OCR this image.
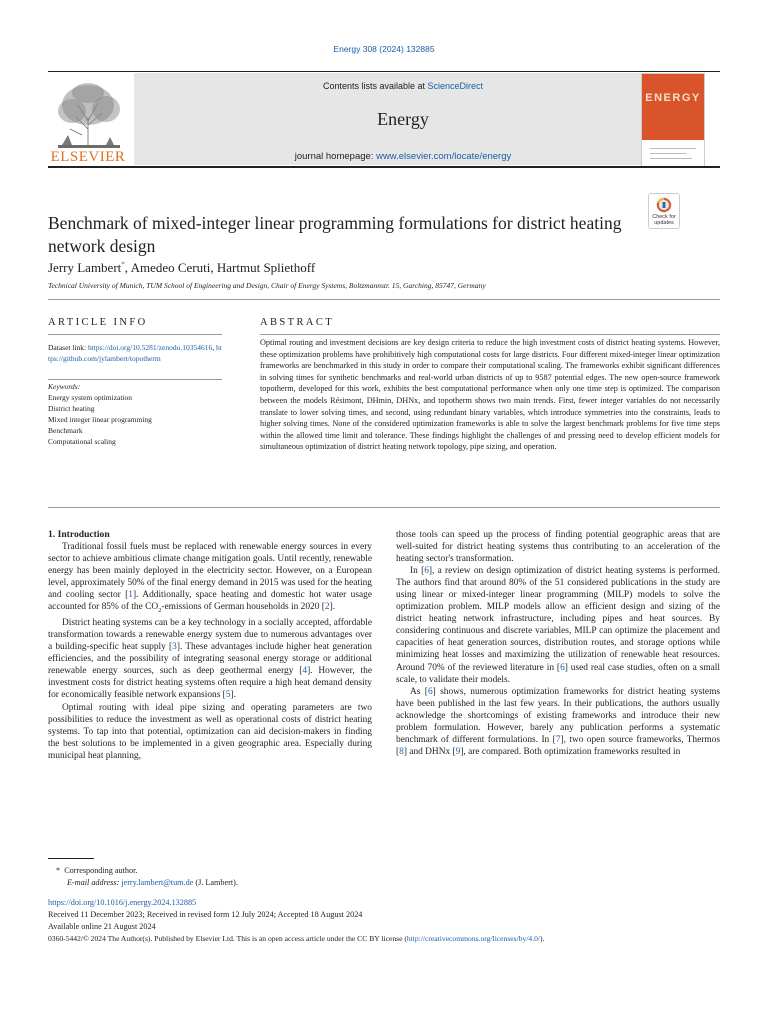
Energy 308 (2024) 132885
ELSEVIER
Contents lists available at ScienceDirect
Energy
journal homepage: www.elsevier.com/locate/energy
ENERGY
Benchmark of mixed-integer linear programming formulations for district heating network design
Check for updates
Jerry Lambert*, Amedeo Ceruti, Hartmut Spliethoff
Technical University of Munich, TUM School of Engineering and Design, Chair of Energy Systems, Boltzmannstr. 15, Garching, 85747, Germany
ARTICLE INFO	ABSTRACT
Dataset link: https://doi.org/10.5281/zenodo.10354616, https://github.com/jylambert/topotherm
Keywords:
Energy system optimization
District heating
Mixed integer linear programming
Benchmark
Computational scaling
Optimal routing and investment decisions are key design criteria to reduce the high investment costs of district heating systems. However, these optimization problems have prohibitively high computational costs for large districts. Four different mixed-integer linear optimization frameworks are benchmarked in this study in order to compare their computational scaling. The frameworks exhibit significant differences in solving times for synthetic benchmarks and real-world urban districts of up to 9587 potential edges. The new open-source framework topotherm, developed for this work, exhibits the best computational performance when only one time step is optimized. The comparison between the models Résimont, DHmin, DHNx, and topotherm shows two main trends. First, fewer integer variables do not necessarily translate to lower solving times, and second, using redundant binary variables, which introduce symmetries into the constraints, leads to higher solving times. None of the considered optimization frameworks is able to solve the largest benchmark problems for five time steps within the allowed time limit and tolerance. These findings highlight the challenges of and pressing need to develop efficient models for simultaneous optimization of district heating network topology, pipe sizing, and operation.

1. Introduction

Traditional fossil fuels must be replaced with renewable energy sources in every sector to achieve ambitious climate change mitigation goals. Until recently, renewable energy has been mainly deployed in the electricity sector. However, on a European level, approximately 50% of the final energy demand in 2015 was used for the heating and cooling sector [1]. Additionally, space heating and domestic hot water usage accounted for 85% of the $CO_2$-emissions of German households in 2020 [2].

District heating systems can be a key technology in a socially accepted, affordable transformation towards a renewable energy system due to numerous advantages over a building-specific heat supply [3]. These advantages include higher heat generation efficiencies, and the possibility of integrating seasonal energy storage or additional renewable energy sources, such as deep geothermal energy [4]. However, the investment costs for district heating systems often require a high heat demand density for economically feasible network expansions [5].

Optimal routing with ideal pipe sizing and operating parameters are two possibilities to reduce the investment as well as operational costs of district heating systems. To tap into that potential, optimization can aid decision-makers in finding the best solutions to be implemented in a given geographic area. Especially during municipal heat planning,

those tools can speed up the process of finding potential geographic areas that are well-suited for district heating systems thus contributing to an acceleration of the heating sector's transformation.

In [6], a review on design optimization of district heating systems is performed. The authors find that around 80% of the 51 considered publications in the study are using linear or mixed-integer linear programming (MILP) models to solve the optimization problem. MILP models allow an efficient design and sizing of the district heating network infrastructure, including pipes and heat sources. By considering continuous and discrete variables, MILP can optimize the placement and capacities of heat generation sources, distribution routes, and storage options while minimizing heat losses and maximizing the utilization of renewable heat resources. Around 70% of the reviewed literature in [6] used real case studies, often on a small scale, to validate their models.

As [6] shows, numerous optimization frameworks for district heating systems have been published in the last few years. In their publications, the authors usually acknowledge the shortcomings of existing frameworks and introduce their new problem formulation. However, barely any publication performs a systematic benchmark of different formulations. In [7], two open source frameworks, Thermos [8] and DHNx [9], are compared. Both optimization frameworks resulted in

* Corresponding author.
E-mail address: jerry.lambert@tum.de (J. Lambert).
https://doi.org/10.1016/j.energy.2024.132885
Received 11 December 2023; Received in revised form 12 July 2024; Accepted 18 August 2024
Available online 21 August 2024
0360-5442/© 2024 The Author(s). Published by Elsevier Ltd. This is an open access article under the CC BY license (http://creativecommons.org/licenses/by/4.0/).
